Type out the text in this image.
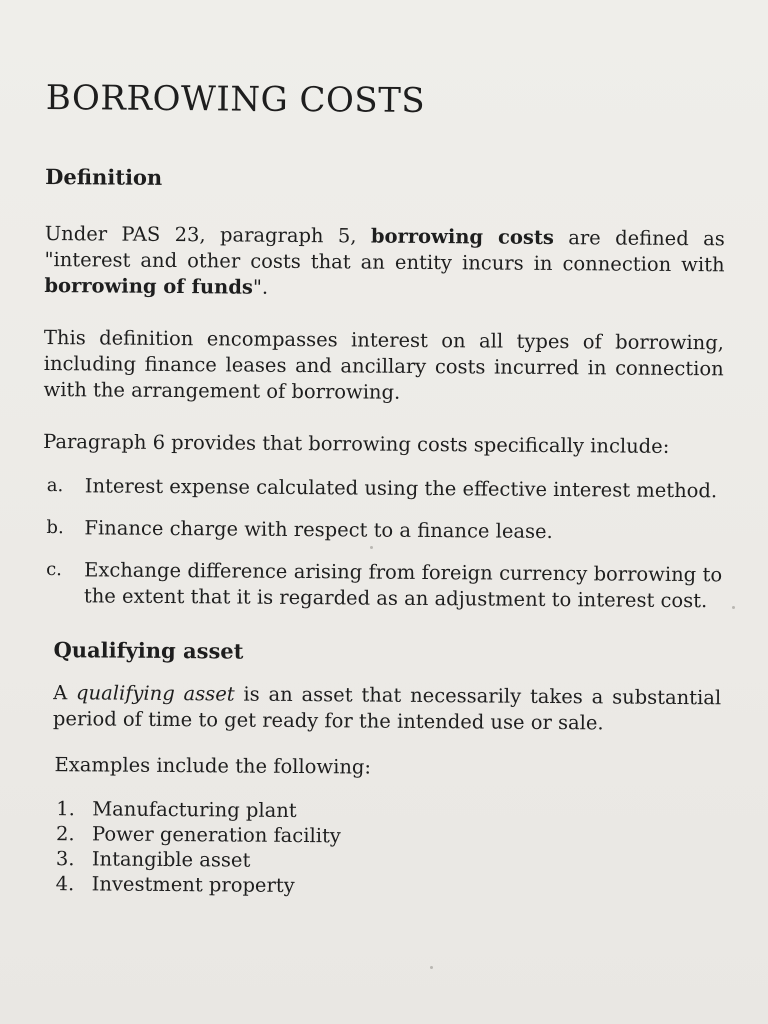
BORROWING COSTS
Definition

Under PAS 23, paragraph 5, borrowing costs are defined as "interest and other costs that an entity incurs in connection with borrowing of funds".

This definition encompasses interest on all types of borrowing, including finance leases and ancillary costs incurred in connection with the arrangement of borrowing.

Paragraph 6 provides that borrowing costs specifically include:

a.	Interest expense calculated using the effective interest method.
b.	Finance charge with respect to a finance lease.
c.	Exchange difference arising from foreign currency borrowing to the extent that it is regarded as an adjustment to interest cost.
Qualifying asset

A qualifying asset is an asset that necessarily takes a substantial period of time to get ready for the intended use or sale.

Examples include the following:

1. Manufacturing plant
2. Power generation facility
3. Intangible asset
4. Investment property
